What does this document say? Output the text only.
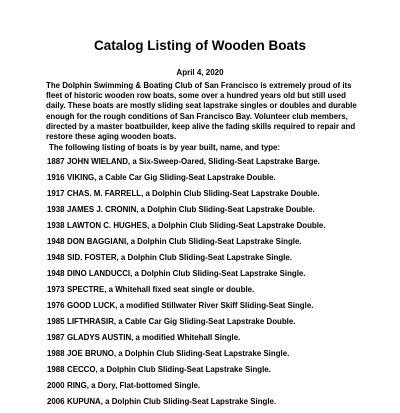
Catalog Listing of Wooden Boats
April 4, 2020

The Dolphin Swimming & Boating Club of San Francisco is extremely proud of its fleet of historic wooden row boats, some over a hundred years old but still used daily. These boats are mostly sliding seat lapstrake singles or doubles and durable enough for the rough conditions of San Francisco Bay. Volunteer club members, directed by a master boatbuilder, keep alive the fading skills required to repair and restore these aging wooden boats.

The following listing of boats is by year built, name, and type:
1887 JOHN WIELAND, a Six-Sweep-Oared, Sliding-Seat Lapstrake Barge.
1916 VIKING, a Cable Car Gig Sliding-Seat Lapstrake Double.
1917 CHAS. M. FARRELL, a Dolphin Club Sliding-Seat Lapstrake Double.
1938 JAMES J. CRONIN, a Dolphin Club Sliding-Seat Lapstrake Double.
1938 LAWTON C. HUGHES, a Dolphin Club Sliding-Seat Lapstrake Double.
1948 DON BAGGIANI, a Dolphin Club Sliding-Seat Lapstrake Single.
1948 SID. FOSTER, a Dolphin Club Sliding-Seat Lapstrake Single.
1948 DINO LANDUCCI, a Dolphin Club Sliding-Seat Lapstrake Single.
1973 SPECTRE, a Whitehall fixed seat single or double.
1976 GOOD LUCK, a modified Stillwater River Skiff Sliding-Seat Single.
1985 LIFTHRASIR, a Cable Car Gig Sliding-Seat Lapstrake Double.
1987 GLADYS AUSTIN, a modified Whitehall Single.
1988 JOE BRUNO, a Dolphin Club Sliding-Seat Lapstrake Single.
1988 CECCO, a Dolphin Club Sliding-Seat Lapstrake Single.
2000 RING, a Dory, Flat-bottomed Single.
2006 KUPUNA, a Dolphin Club Sliding-Seat Lapstrake Single.
